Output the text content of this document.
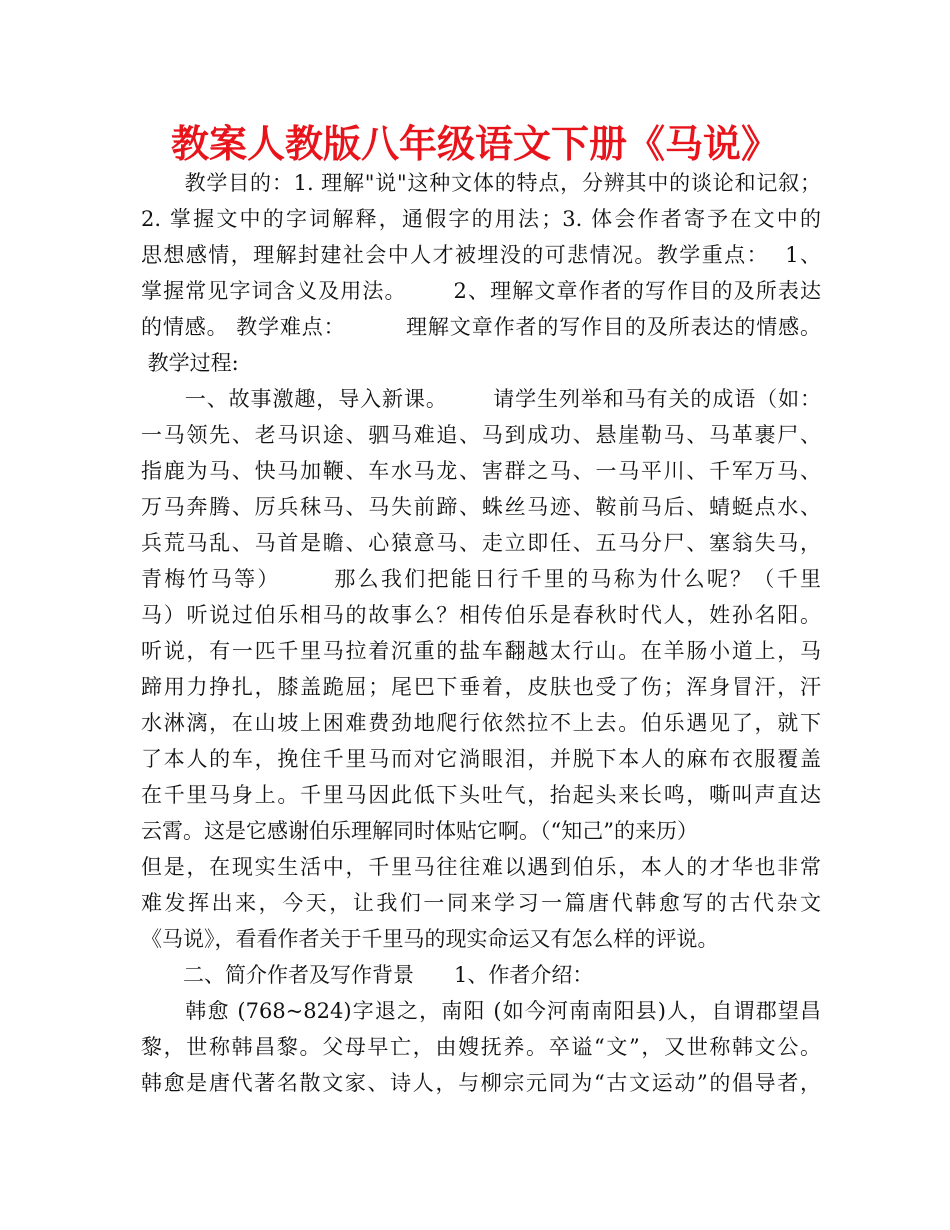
教案人教版八年级语文下册《马说》

　　教学目的：1. 理解"说"这种文体的特点，分辨其中的谈论和记叙；

2. 掌握文中的字词解释，通假字的用法；3. 体会作者寄予在文中的

思想感情，理解封建社会中人才被埋没的可悲情况。教学重点：  1、

掌握常见字词含义及用法。      2、理解文章作者的写作目的及所表达

的情感。 教学难点：        理解文章作者的写作目的及所表达的情感。

教学过程:

　　一、故事激趣，导入新课。      请学生列举和马有关的成语（如：

一马领先、老马识途、驷马难追、马到成功、悬崖勒马、马革裹尸、

指鹿为马、快马加鞭、车水马龙、害群之马、一马平川、千军万马、

万马奔腾、厉兵秣马、马失前蹄、蛛丝马迹、鞍前马后、蜻蜓点水、

兵荒马乱、马首是瞻、心猿意马、走立即任、五马分尸、塞翁失马，

青梅竹马等）      那么我们把能日行千里的马称为什么呢？（千里

马）听说过伯乐相马的故事么？相传伯乐是春秋时代人，姓孙名阳。

听说，有一匹千里马拉着沉重的盐车翻越太行山。在羊肠小道上，马

蹄用力挣扎，膝盖跪屈；尾巴下垂着，皮肤也受了伤；浑身冒汗，汗

水淋漓，在山坡上困难费劲地爬行依然拉不上去。伯乐遇见了，就下

了本人的车，挽住千里马而对它淌眼泪，并脱下本人的麻布衣服覆盖

在千里马身上。千里马因此低下头吐气，抬起头来长鸣，嘶叫声直达

云霄。这是它感谢伯乐理解同时体贴它啊。（“知己”的来历）

但是，在现实生活中，千里马往往难以遇到伯乐，本人的才华也非常

难发挥出来，今天，让我们一同来学习一篇唐代韩愈写的古代杂文

《马说》，看看作者关于千里马的现实命运又有怎么样的评说。

　　二、简介作者及写作背景      1、作者介绍：

　　韩愈 (768~824)字退之，南阳 (如今河南南阳县)人，自谓郡望昌

黎，世称韩昌黎。父母早亡，由嫂抚养。卒谥“文”，又世称韩文公。

韩愈是唐代著名散文家、诗人，与柳宗元同为“古文运动”的倡导者，
